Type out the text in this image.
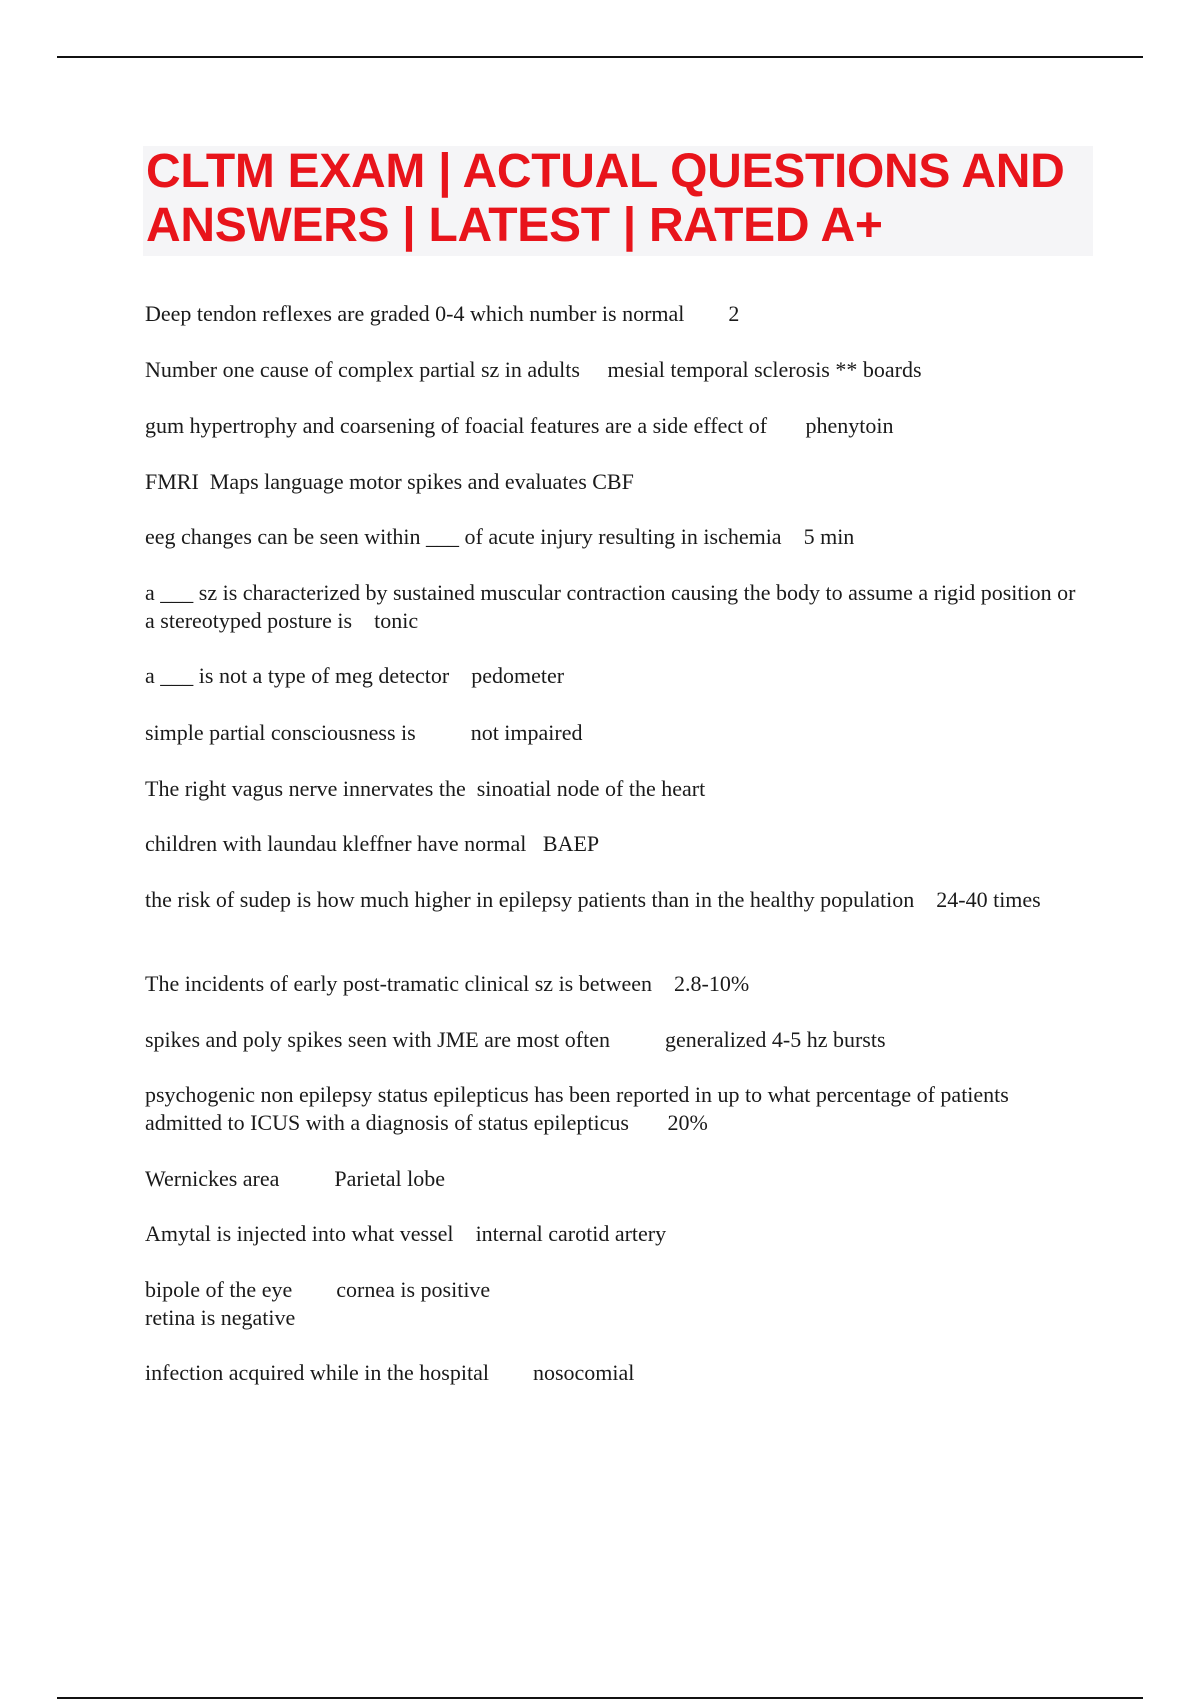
CLTM EXAM | ACTUAL QUESTIONS AND ANSWERS | LATEST | RATED A+
Deep tendon reflexes are graded 0-4 which number is normal 2
Number one cause of complex partial sz in adults mesial temporal sclerosis ** boards
gum hypertrophy and coarsening of foacial features are a side effect of phenytoin
FMRI Maps language motor spikes and evaluates CBF
eeg changes can be seen within ___ of acute injury resulting in ischemia 5 min
a ___ sz is characterized by sustained muscular contraction causing the body to assume a rigid position or a stereotyped posture is tonic
a ___ is not a type of meg detector pedometer
simple partial consciousness is	not impaired
The right vagus nerve innervates the sinoatial node of the heart
children with laundau kleffner have normal BAEP
the risk of sudep is how much higher in epilepsy patients than in the healthy population 24-40 times
The incidents of early post-tramatic clinical sz is between 2.8-10%
spikes and poly spikes seen with JME are most often	generalized 4-5 hz bursts
psychogenic non epilepsy status epilepticus has been reported in up to what percentage of patients admitted to ICUS with a diagnosis of status epilepticus 20%
Wernickes area	Parietal lobe
Amytal is injected into what vessel internal carotid artery
bipole of the eye cornea is positive
retina is negative
infection acquired while in the hospital nosocomial
